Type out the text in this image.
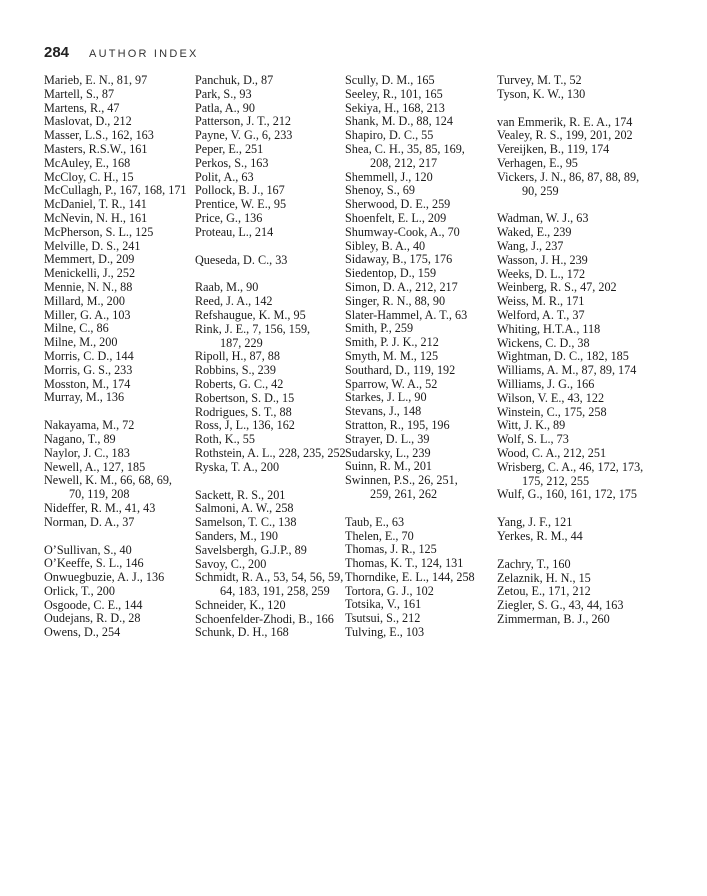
284 AUTHOR INDEX
Marieb, E. N., 81, 97
Martell, S., 87
Martens, R., 47
Maslovat, D., 212
Masser, L.S., 162, 163
Masters, R.S.W., 161
McAuley, E., 168
McCloy, C. H., 15
McCullagh, P., 167, 168, 171
McDaniel, T. R., 141
McNevin, N. H., 161
McPherson, S. L., 125
Melville, D. S., 241
Memmert, D., 209
Menickelli, J., 252
Mennie, N. N., 88
Millard, M., 200
Miller, G. A., 103
Milne, C., 86
Milne, M., 200
Morris, C. D., 144
Morris, G. S., 233
Mosston, M., 174
Murray, M., 136
Nakayama, M., 72
Nagano, T., 89
Naylor, J. C., 183
Newell, A., 127, 185
Newell, K. M., 66, 68, 69,
70, 119, 208
Nideffer, R. M., 41, 43
Norman, D. A., 37
O’Sullivan, S., 40
O’Keeffe, S. L., 146
Onwuegbuzie, A. J., 136
Orlick, T., 200
Osgoode, C. E., 144
Oudejans, R. D., 28
Owens, D., 254
Panchuk, D., 87
Park, S., 93
Patla, A., 90
Patterson, J. T., 212
Payne, V. G., 6, 233
Peper, E., 251
Perkos, S., 163
Polit, A., 63
Pollock, B. J., 167
Prentice, W. E., 95
Price, G., 136
Proteau, L., 214
Queseda, D. C., 33
Raab, M., 90
Reed, J. A., 142
Refshaugue, K. M., 95
Rink, J. E., 7, 156, 159,
187, 229
Ripoll, H., 87, 88
Robbins, S., 239
Roberts, G. C., 42
Robertson, S. D., 15
Rodrigues, S. T., 88
Ross, J, L., 136, 162
Roth, K., 55
Rothstein, A. L., 228, 235, 252
Ryska, T. A., 200
Sackett, R. S., 201
Salmoni, A. W., 258
Samelson, T. C., 138
Sanders, M., 190
Savelsbergh, G.J.P., 89
Savoy, C., 200
Schmidt, R. A., 53, 54, 56, 59,
64, 183, 191, 258, 259
Schneider, K., 120
Schoenfelder-Zhodi, B., 166
Schunk, D. H., 168
Scully, D. M., 165
Seeley, R., 101, 165
Sekiya, H., 168, 213
Shank, M. D., 88, 124
Shapiro, D. C., 55
Shea, C. H., 35, 85, 169,
208, 212, 217
Shemmell, J., 120
Shenoy, S., 69
Sherwood, D. E., 259
Shoenfelt, E. L., 209
Shumway-Cook, A., 70
Sibley, B. A., 40
Sidaway, B., 175, 176
Siedentop, D., 159
Simon, D. A., 212, 217
Singer, R. N., 88, 90
Slater-Hammel, A. T., 63
Smith, P., 259
Smith, P. J. K., 212
Smyth, M. M., 125
Southard, D., 119, 192
Sparrow, W. A., 52
Starkes, J. L., 90
Stevans, J., 148
Stratton, R., 195, 196
Strayer, D. L., 39
Sudarsky, L., 239
Suinn, R. M., 201
Swinnen, P.S., 26, 251,
259, 261, 262
Taub, E., 63
Thelen, E., 70
Thomas, J. R., 125
Thomas, K. T., 124, 131
Thorndike, E. L., 144, 258
Tortora, G. J., 102
Totsika, V., 161
Tsutsui, S., 212
Tulving, E., 103
Turvey, M. T., 52
Tyson, K. W., 130
van Emmerik, R. E. A., 174
Vealey, R. S., 199, 201, 202
Vereijken, B., 119, 174
Verhagen, E., 95
Vickers, J. N., 86, 87, 88, 89,
90, 259
Wadman, W. J., 63
Waked, E., 239
Wang, J., 237
Wasson, J. H., 239
Weeks, D. L., 172
Weinberg, R. S., 47, 202
Weiss, M. R., 171
Welford, A. T., 37
Whiting, H.T.A., 118
Wickens, C. D., 38
Wightman, D. C., 182, 185
Williams, A. M., 87, 89, 174
Williams, J. G., 166
Wilson, V. E., 43, 122
Winstein, C., 175, 258
Witt, J. K., 89
Wolf, S. L., 73
Wood, C. A., 212, 251
Wrisberg, C. A., 46, 172, 173,
175, 212, 255
Wulf, G., 160, 161, 172, 175
Yang, J. F., 121
Yerkes, R. M., 44
Zachry, T., 160
Zelaznik, H. N., 15
Zetou, E., 171, 212
Ziegler, S. G., 43, 44, 163
Zimmerman, B. J., 260
